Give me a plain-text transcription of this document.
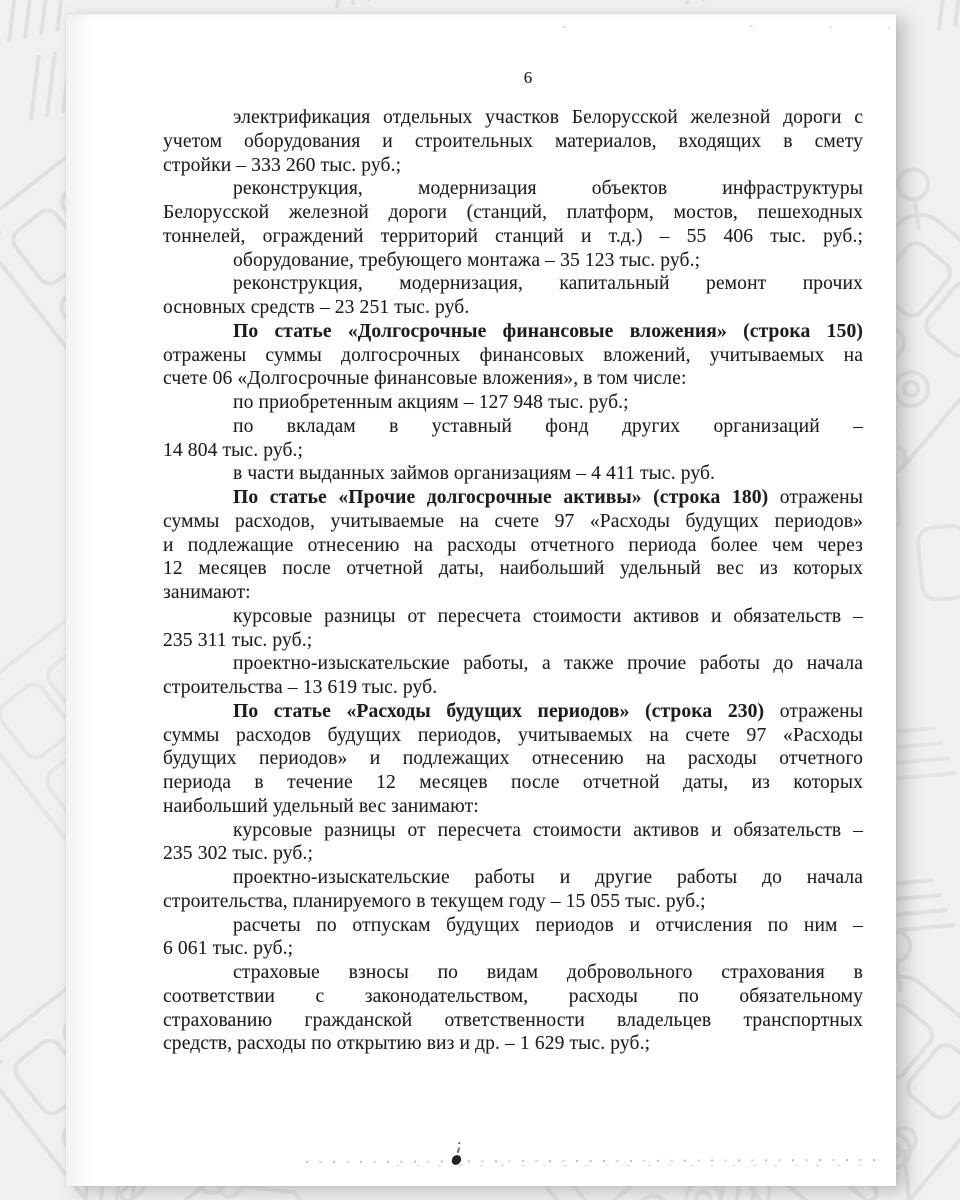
6
электрификация отдельных участков Белорусской железной дороги с
учетом оборудования и строительных материалов, входящих в смету
стройки – 333 260 тыс. руб.;
реконструкция, модернизация объектов инфраструктуры
Белорусской железной дороги (станций, платформ, мостов, пешеходных
тоннелей, ограждений территорий станций и т.д.) – 55 406 тыс. руб.;
оборудование, требующего монтажа – 35 123 тыс. руб.;
реконструкция, модернизация, капитальный ремонт прочих
основных средств – 23 251 тыс. руб.
По статье «Долгосрочные финансовые вложения» (строка 150)
отражены суммы долгосрочных финансовых вложений, учитываемых на
счете 06 «Долгосрочные финансовые вложения», в том числе:
по приобретенным акциям – 127 948 тыс. руб.;
по вкладам в уставный фонд других организаций –
14 804 тыс. руб.;
в части выданных займов организациям – 4 411 тыс. руб.
По статье «Прочие долгосрочные активы» (строка 180) отражены
суммы расходов, учитываемые на счете 97 «Расходы будущих периодов»
и подлежащие отнесению на расходы отчетного периода более чем через
12 месяцев после отчетной даты, наибольший удельный вес из которых
занимают:
курсовые разницы от пересчета стоимости активов и обязательств –
235 311 тыс. руб.;
проектно-изыскательские работы, а также прочие работы до начала
строительства – 13 619 тыс. руб.
По статье «Расходы будущих периодов» (строка 230) отражены
суммы расходов будущих периодов, учитываемых на счете 97 «Расходы
будущих периодов» и подлежащих отнесению на расходы отчетного
периода в течение 12 месяцев после отчетной даты, из которых
наибольший удельный вес занимают:
курсовые разницы от пересчета стоимости активов и обязательств –
235 302 тыс. руб.;
проектно-изыскательские работы и другие работы до начала
строительства, планируемого в текущем году – 15 055 тыс. руб.;
расчеты по отпускам будущих периодов и отчисления по ним –
6 061 тыс. руб.;
страховые взносы по видам добровольного страхования в
соответствии с законодательством, расходы по обязательному
страхованию гражданской ответственности владельцев транспортных
средств, расходы по открытию виз и др. – 1 629 тыс. руб.;
